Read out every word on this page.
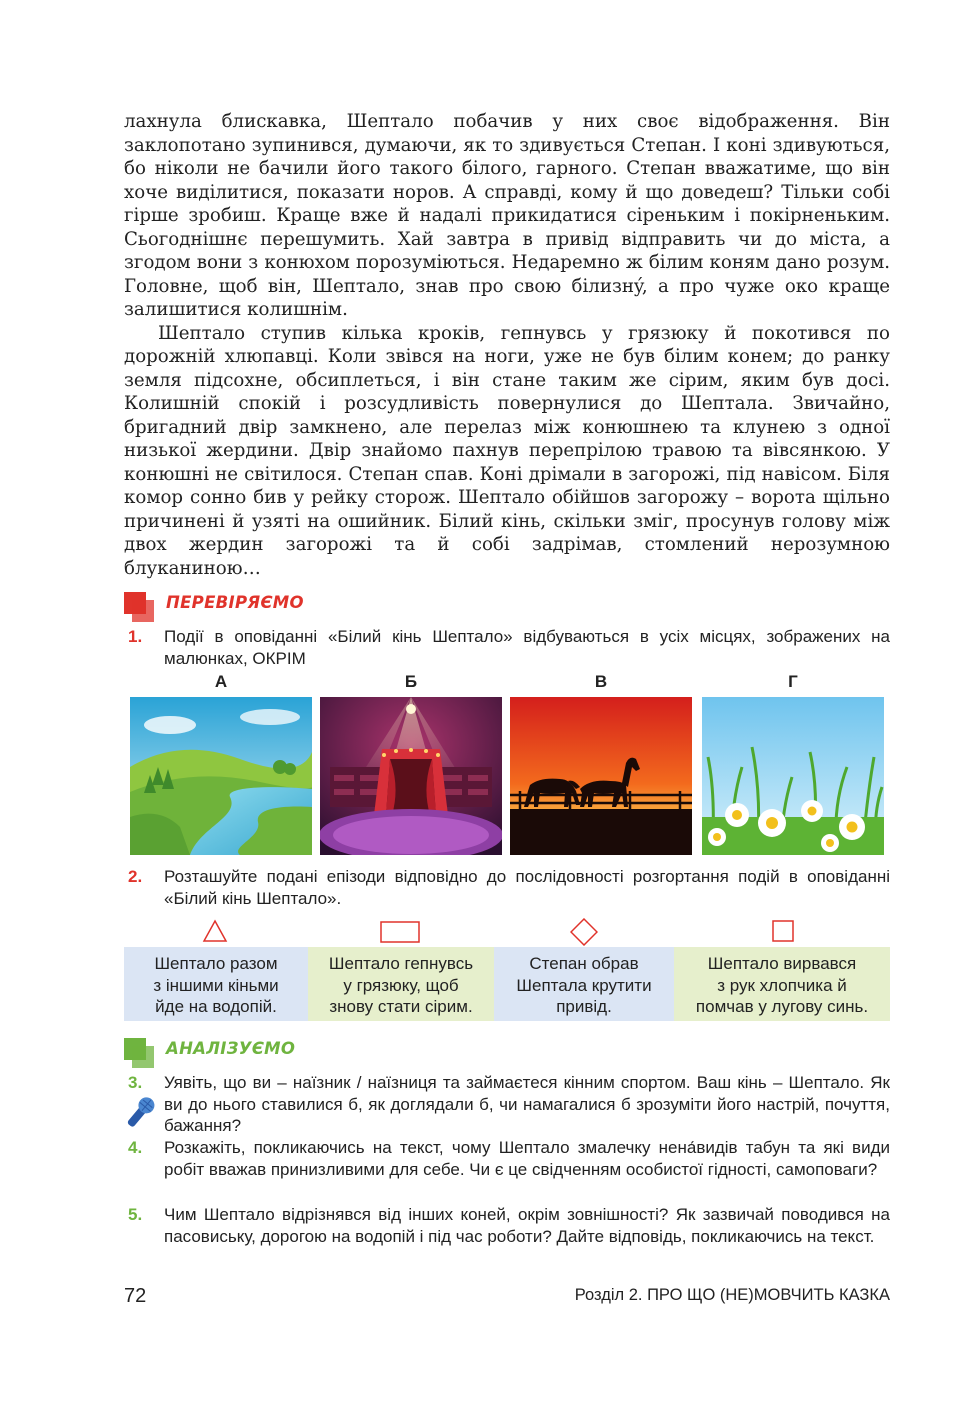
лахнула блискавка, Шептало побачив у них своє відображення. Він заклопотано зупинився, думаючи, як то здивується Степан. І коні здивуються, бо ніколи не бачили його такого білого, гарного. Степан вважатиме, що він хоче виділитися, показати норов. А справді, кому й що доведеш? Тільки собі гірше зробиш. Краще вже й надалі прикидатися сіреньким і покірненьким. Сьогоднішнє перешумить. Хай завтра в привід відправить чи до міста, а згодом вони з конюхом порозуміються. Недаремно ж білим коням дано розум. Головне, щоб він, Шептало, знав про свою білизнý, а про чуже око краще залишитися колишнім.

Шептало ступив кілька кроків, гепнувсь у грязюку й покотився по дорожній хлюпавці. Коли звівся на ноги, уже не був білим конем; до ранку земля підсохне, обсиплеться, і він стане таким же сірим, яким був досі. Колишній спокій і розсудливість повернулися до Шептала. Звичайно, бригадний двір замкнено, але перелаз між конюшнею та клунею з одної низької жердини. Двір знайомо пахнув перепрілою травою та вівсянкою. У конюшні не світилося. Степан спав. Коні дрімали в загорожі, під навісом. Біля комор сонно бив у рейку сторож. Шептало обійшов загорожу – ворота щільно причинені й узяті на ошийник. Білий кінь, скільки зміг, просунув голову між двох жердин загорожі та й собі задрімав, стомлений нерозумною блуканиною…

ПЕРЕВІРЯЄМО
1. Події в оповіданні «Білий кінь Шептало» відбуваються в усіх місцях, зображених на малюнках, ОКРІМ
А	Б	В	Г
2. Розташуйте подані епізоди відповідно до послідовності розгортання подій в оповіданні «Білий кінь Шептало».
Шептало разом
з іншими кіньми
йде на водопій.
Шептало гепнувсь
у грязюку, щоб
знову стати сірим.
Степан обрав
Шептала крутити
привід.
Шептало вирвався
з рук хлопчика й
помчав у лугову синь.
АНАЛІЗУЄМО
3. Уявіть, що ви – наїзник / наїзниця та займаєтеся кінним спортом. Ваш кінь – Шептало. Як ви до нього ставилися б, як доглядали б, чи намагалися б зрозуміти його настрій, почуття, бажання?
4. Розкажіть, покликаючись на текст, чому Шептало змалечку нена́видів табун та які види робіт вважав принизливими для себе. Чи є це свідченням особистої гідності, самоповаги?
5. Чим Шептало відрізнявся від інших коней, окрім зовнішності? Як зазвичай поводився на пасовиську, дорогою на водопій і під час роботи? Дайте відповідь, покликаючись на текст.
72	Розділ 2. ПРО ЩО (НЕ)МОВЧИТЬ КАЗКА
